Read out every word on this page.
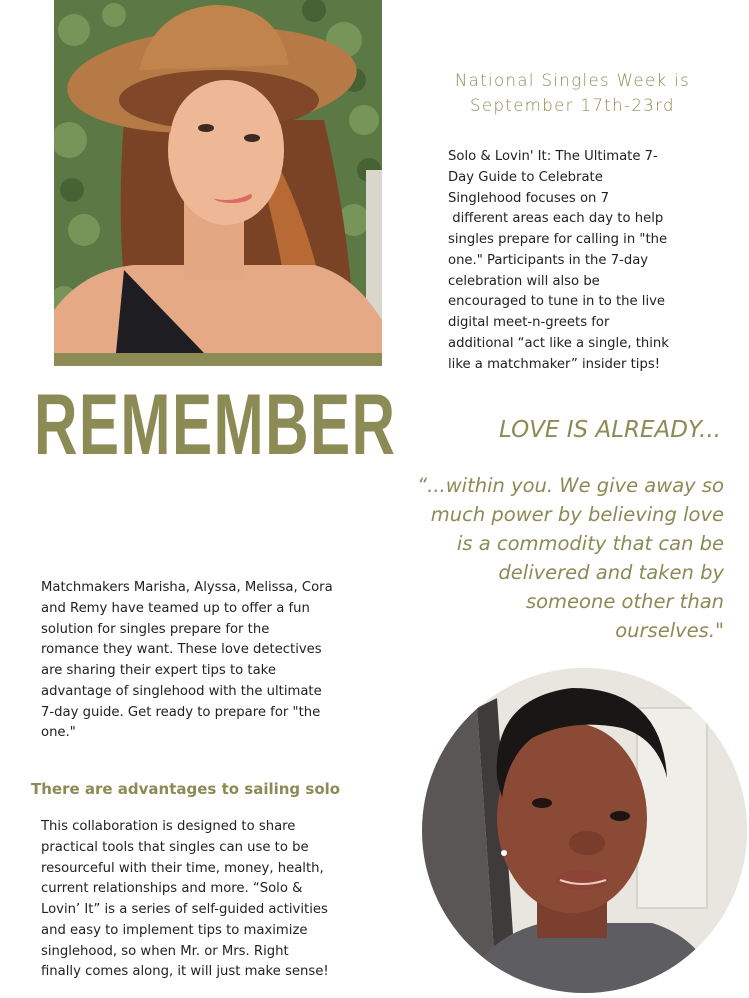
REMEMBER
National Singles Week is
September 17th-23rd
Solo & Lovin' It: The Ultimate 7-
Day Guide to Celebrate
Singlehood focuses on 7
different areas each day to help
singles prepare for calling in "the
one." Participants in the 7-day
celebration will also be
encouraged to tune in to the live
digital meet-n-greets for
additional “act like a single, think
like a matchmaker” insider tips!
LOVE IS ALREADY...
“...within you. We give away so
much power by believing love
is a commodity that can be
delivered and taken by
someone other than
ourselves."
Matchmakers Marisha, Alyssa, Melissa, Cora
and Remy have teamed up to offer a fun
solution for singles prepare for the
romance they want. These love detectives
are sharing their expert tips to take
advantage of singlehood with the ultimate
7-day guide. Get ready to prepare for "the
one."
There are advantages to sailing solo
This collaboration is designed to share
practical tools that singles can use to be
resourceful with their time, money, health,
current relationships and more. “Solo &
Lovin’ It” is a series of self-guided activities
and easy to implement tips to maximize
singlehood, so when Mr. or Mrs. Right
finally comes along, it will just make sense!
